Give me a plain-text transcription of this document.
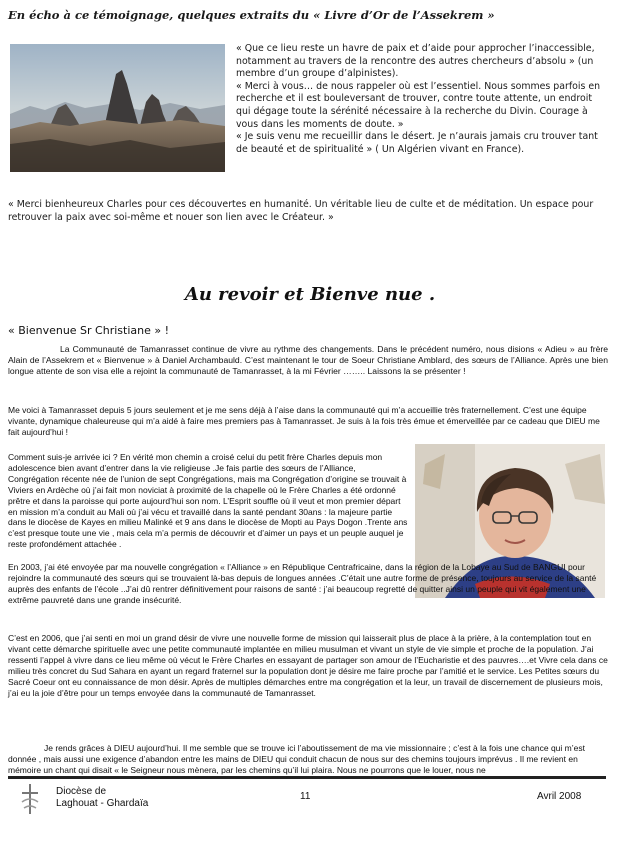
En écho à ce témoignage, quelques extraits du « Livre d’Or de l’Assekrem »

« Que ce lieu reste un havre de paix et d’aide pour approcher l’inaccessible, notamment au travers de la rencontre des autres chercheurs d’absolu » (un membre d’un groupe d’alpinistes).

« Merci à vous… de nous rappeler où est l’essentiel. Nous sommes parfois en recherche et il est bouleversant de trouver, contre toute attente, un endroit qui dégage toute la sérénité nécessaire à la recherche du Divin. Courage à vous dans les moments de doute. »

« Je suis venu me recueillir dans le désert. Je n’aurais jamais cru trouver tant de beauté et de spiritualité » ( Un Algérien vivant en France).

« Merci bienheureux Charles pour ces découvertes en humanité. Un véritable lieu de culte et de méditation. Un espace pour retrouver la paix avec soi-même et nouer son lien avec le Créateur. »
Au revoir et Bienve nue .
« Bienvenue Sr Christiane » !
La Communauté de Tamanrasset continue de vivre au rythme des changements. Dans le précédent numéro, nous disions « Adieu » au frère Alain de l’Assekrem et « Bienvenue » à Daniel Archambauld. C’est maintenant le tour de Soeur Christiane Amblard, des sœurs de l’Alliance. Après une bien longue attente de son visa elle a rejoint la communauté de Tamanrasset, à la mi Février …….. Laissons la se présenter !
Me voici à Tamanrasset depuis 5 jours seulement et je me sens déjà à l’aise dans la communauté qui m’a accueillie très fraternellement. C’est une équipe vivante, dynamique chaleureuse qui m’a aidé à faire mes premiers pas à Tamanrasset. Je suis à la fois très émue et émerveillée par ce cadeau que DIEU me fait aujourd’hui !
Comment suis-je arrivée ici ? En vérité mon chemin a croisé celui du petit frère Charles depuis mon adolescence bien avant d’entrer dans la vie religieuse .Je fais partie des sœurs de l’Alliance, Congrégation récente née de l’union de sept Congrégations, mais ma Congrégation d’origine se trouvait à Viviers en Ardèche où j’ai fait mon noviciat à proximité de la chapelle où le Frère Charles a été ordonné prêtre et dans la paroisse qui porte aujourd’hui son nom. L’Esprit souffle où il veut et mon premier départ en mission m’a conduit au Mali où j’ai vécu et travaillé dans la santé pendant 30ans : la majeure partie dans le diocèse de Kayes en milieu Malinké et 9 ans dans le diocèse de Mopti au Pays Dogon .Trente ans c’est presque toute une vie , mais cela m’a permis de découvrir et d’aimer un pays et un peuple auquel je reste profondément attachée .
En 2003, j’ai été envoyée par ma nouvelle congrégation « l’Alliance » en République Centrafricaine, dans la région de la Lobaye au Sud de BANGUI pour rejoindre la communauté des sœurs qui se trouvaient là-bas depuis de longues années .C’était une autre forme de présence, toujours au service de la santé auprès des enfants de l’école ..J’ai dû rentrer définitivement pour raisons de santé : j’ai beaucoup regretté de quitter ainsi un peuple qui vit également une extrême pauvreté dans une grande insécurité.
C’est en 2006, que j’ai senti en moi un grand désir de vivre une nouvelle forme de mission qui laisserait plus de place à la prière, à la contemplation tout en vivant cette démarche spirituelle avec une petite communauté implantée en milieu musulman et vivant un style de vie simple et proche de la population. J’ai ressenti l’appel à vivre dans ce lieu même où vécut le Frère Charles en essayant de partager son amour de l’Eucharistie et des pauvres….et Vivre cela dans ce milieu très concret du Sud Sahara en ayant un regard fraternel sur la population dont je désire me faire proche par l’amitié et le service. Les Petites sœurs du Sacré Coeur ont eu connaissance de mon désir. Après de multiples démarches entre ma congrégation et la leur, un travail de discernement de plusieurs mois, j’ai eu la joie d’être pour un temps envoyée dans la communauté de Tamanrasset.
Je rends grâces à DIEU aujourd’hui. Il me semble que se trouve ici l’aboutissement de ma vie missionnaire ; c’est à la fois une chance qui m’est donnée , mais aussi une exigence d’abandon entre les mains de DIEU qui conduit chacun de nous sur des chemins toujours imprévus . Il me revient en mémoire un chant qui disait « le Seigneur nous mènera, par les chemins qu’il lui plaira. Nous ne pourrons que le louer, nous ne
Diocèse de
Laghouat - Ghardaïa
11	Avril 2008
